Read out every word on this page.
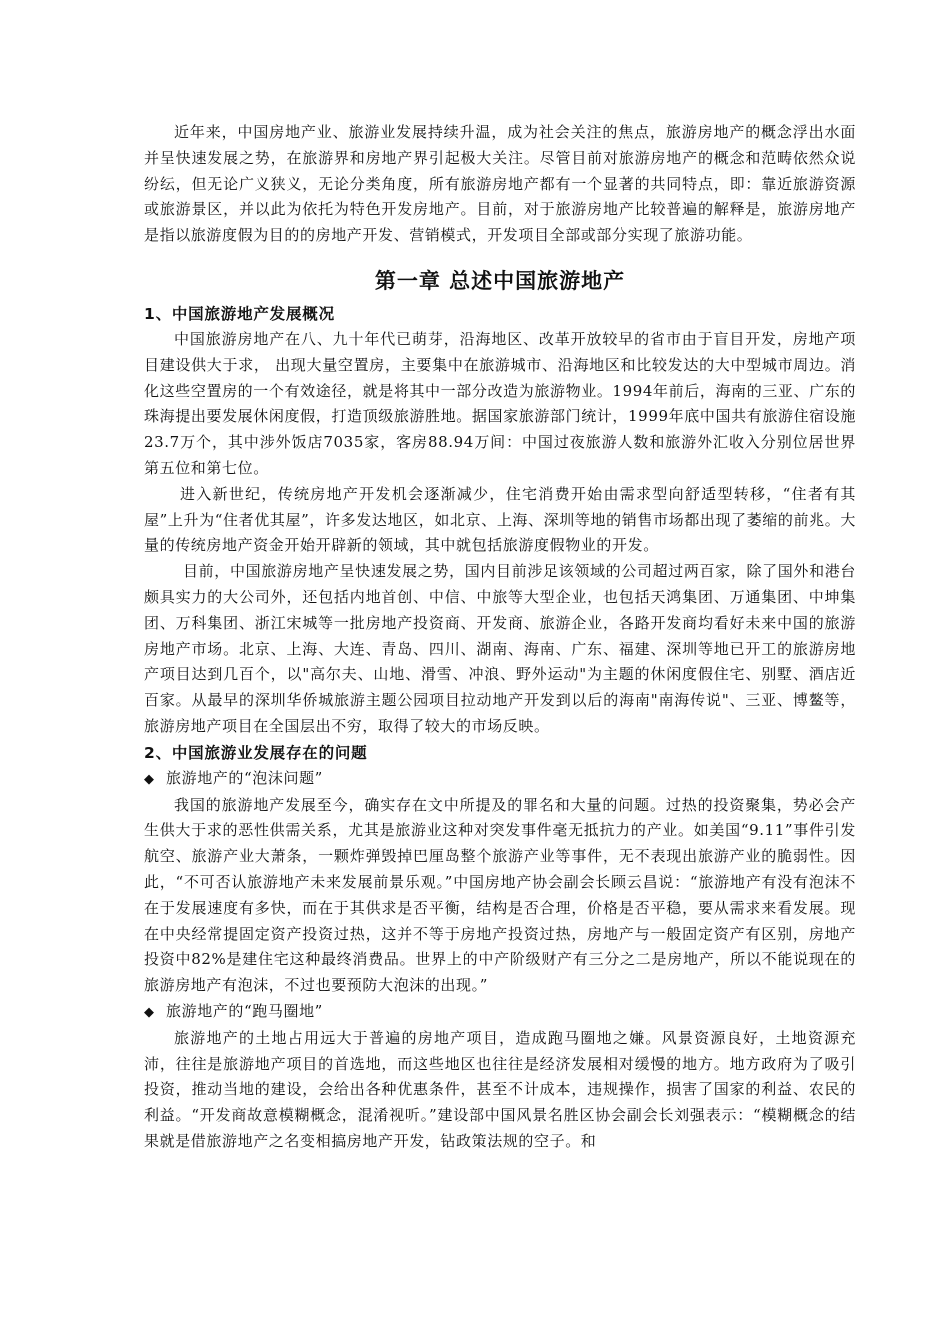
近年来，中国房地产业、旅游业发展持续升温，成为社会关注的焦点，旅游房地产的概念浮出水面并呈快速发展之势，在旅游界和房地产界引起极大关注。尽管目前对旅游房地产的概念和范畴依然众说纷纭，但无论广义狭义，无论分类角度，所有旅游房地产都有一个显著的共同特点，即：靠近旅游资源或旅游景区，并以此为依托为特色开发房地产。目前，对于旅游房地产比较普遍的解释是，旅游房地产是指以旅游度假为目的的房地产开发、营销模式，开发项目全部或部分实现了旅游功能。

第一章 总述中国旅游地产
1、中国旅游地产发展概况

中国旅游房地产在八、九十年代已萌芽，沿海地区、改革开放较早的省市由于盲目开发，房地产项目建设供大于求， 出现大量空置房，主要集中在旅游城市、沿海地区和比较发达的大中型城市周边。消化这些空置房的一个有效途径，就是将其中一部分改造为旅游物业。1994年前后，海南的三亚、广东的珠海提出要发展休闲度假，打造顶级旅游胜地。据国家旅游部门统计，1999年底中国共有旅游住宿设施23.7万个，其中涉外饭店7035家，客房88.94万间：中国过夜旅游人数和旅游外汇收入分别位居世界第五位和第七位。

进入新世纪，传统房地产开发机会逐渐减少，住宅消费开始由需求型向舒适型转移，“住者有其屋”上升为“住者优其屋”，许多发达地区，如北京、上海、深圳等地的销售市场都出现了萎缩的前兆。大量的传统房地产资金开始开辟新的领域，其中就包括旅游度假物业的开发。

目前，中国旅游房地产呈快速发展之势，国内目前涉足该领域的公司超过两百家，除了国外和港台颇具实力的大公司外，还包括内地首创、中信、中旅等大型企业，也包括天鸿集团、万通集团、中坤集团、万科集团、浙江宋城等一批房地产投资商、开发商、旅游企业，各路开发商均看好未来中国的旅游房地产市场。北京、上海、大连、青岛、四川、湖南、海南、广东、福建、深圳等地已开工的旅游房地产项目达到几百个，以"高尔夫、山地、滑雪、冲浪、野外运动"为主题的休闲度假住宅、别墅、酒店近百家。从最早的深圳华侨城旅游主题公园项目拉动地产开发到以后的海南"南海传说"、三亚、博鳌等，旅游房地产项目在全国层出不穷，取得了较大的市场反映。

2、中国旅游业发展存在的问题
◆ 旅游地产的“泡沫问题”

我国的旅游地产发展至今，确实存在文中所提及的罪名和大量的问题。过热的投资聚集，势必会产生供大于求的恶性供需关系，尤其是旅游业这种对突发事件毫无抵抗力的产业。如美国“9.11”事件引发航空、旅游产业大萧条，一颗炸弹毁掉巴厘岛整个旅游产业等事件，无不表现出旅游产业的脆弱性。因此，“不可否认旅游地产未来发展前景乐观。”中国房地产协会副会长顾云昌说：“旅游地产有没有泡沫不在于发展速度有多快，而在于其供求是否平衡，结构是否合理，价格是否平稳，要从需求来看发展。现在中央经常提固定资产投资过热，这并不等于房地产投资过热，房地产与一般固定资产有区别，房地产投资中82%是建住宅这种最终消费品。世界上的中产阶级财产有三分之二是房地产，所以不能说现在的旅游房地产有泡沫，不过也要预防大泡沫的出现。”

◆ 旅游地产的“跑马圈地”

旅游地产的土地占用远大于普遍的房地产项目，造成跑马圈地之嫌。风景资源良好，土地资源充沛，往往是旅游地产项目的首选地，而这些地区也往往是经济发展相对缓慢的地方。地方政府为了吸引投资，推动当地的建设，会给出各种优惠条件，甚至不计成本，违规操作，损害了国家的利益、农民的利益。“开发商故意模糊概念，混淆视听。”建设部中国风景名胜区协会副会长刘强表示：“模糊概念的结果就是借旅游地产之名变相搞房地产开发，钻政策法规的空子。和
